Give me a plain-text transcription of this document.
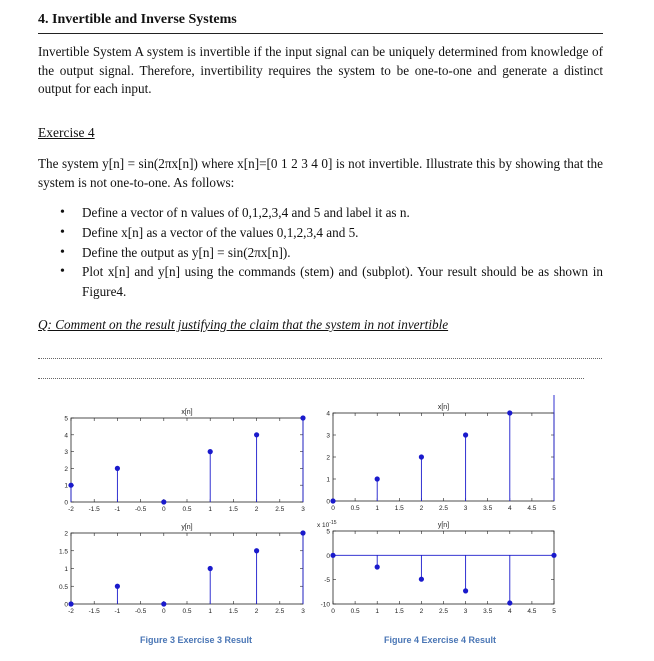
4. Invertible and Inverse Systems
Invertible System A system is invertible if the input signal can be uniquely determined from knowledge of the output signal. Therefore, invertibility requires the system to be one-to-one and generate a distinct output for each input.
Exercise 4
The system y[n] = sin(2πx[n]) where x[n]=[0 1 2 3 4 0] is not invertible. Illustrate this by showing that the system is not one-to-one. As follows:
• Define a vector of n values of 0,1,2,3,4 and 5 and label it as n.
• Define x[n] as a vector of the values 0,1,2,3,4 and 5.
• Define the output as y[n] = sin(2πx[n]).
• Plot x[n] and y[n] using the commands (stem) and (subplot). Your result should be as shown in Figure4.
Q: Comment on the result justifying the claim that the system in not invertible
-2 -1.5 -1 -0.5 0	0.5	1	1.5	2	2.5	3
0
1
2
3
4
5
x[n]
-2 -1.5 -1 -0.5 0	0.5	1	1.5	2	2.5	3
0
0.5
1
1.5
2
y[n]
0 0.5 1 1.5 2 2.5 3 3.5 4 4.5 5
0
1
2
3
4
x[n]
0 0.5 1 1.5 2 2.5 3 3.5 4 4.5 5
-10
-5
0
5
y[n]
x $10^{-15}$
Figure 3 Exercise 3 Result	Figure 4 Exercise 4 Result
